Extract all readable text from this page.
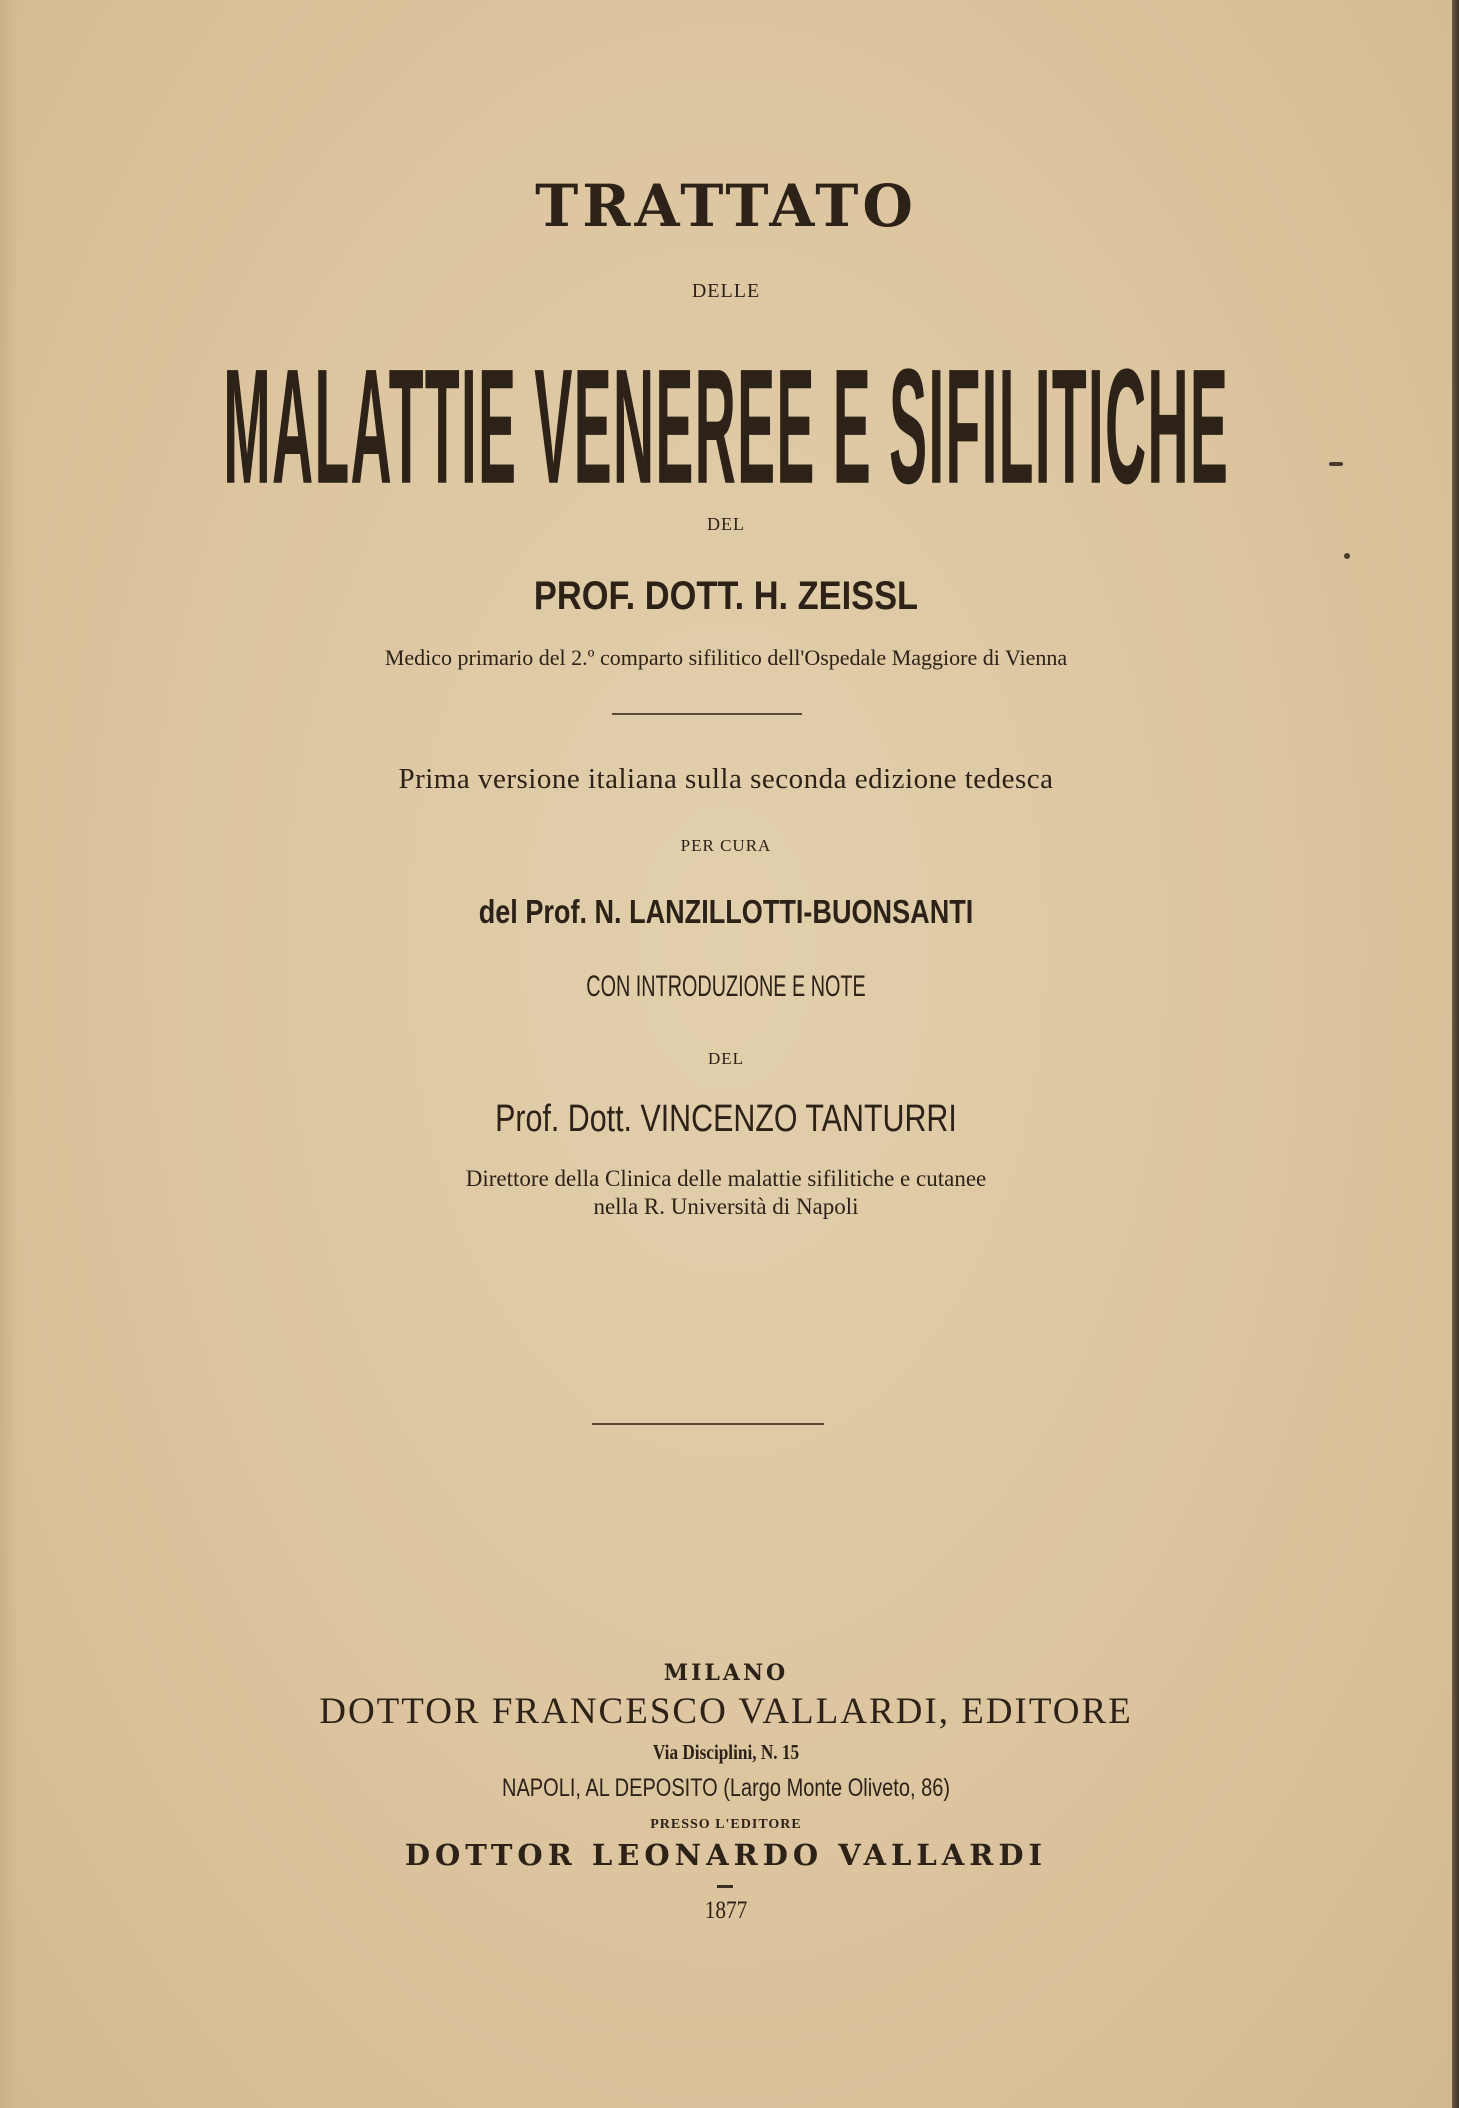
TRATTATO
DELLE
MALATTIE VENEREE E SIFILITICHE
DEL
PROF. DOTT. H. ZEISSL
Medico primario del 2.º comparto sifilitico dell'Ospedale Maggiore di Vienna
Prima versione italiana sulla seconda edizione tedesca
PER CURA
del Prof. N. LANZILLOTTI-BUONSANTI
CON INTRODUZIONE E NOTE
DEL
Prof. Dott. VINCENZO TANTURRI
Direttore della Clinica delle malattie sifilitiche e cutanee
nella R. Università di Napoli
MILANO
DOTTOR FRANCESCO VALLARDI, EDITORE
Via Disciplini, N. 15
NAPOLI, AL DEPOSITO (Largo Monte Oliveto, 86)
PRESSO L'EDITORE
DOTTOR LEONARDO VALLARDI
1877
